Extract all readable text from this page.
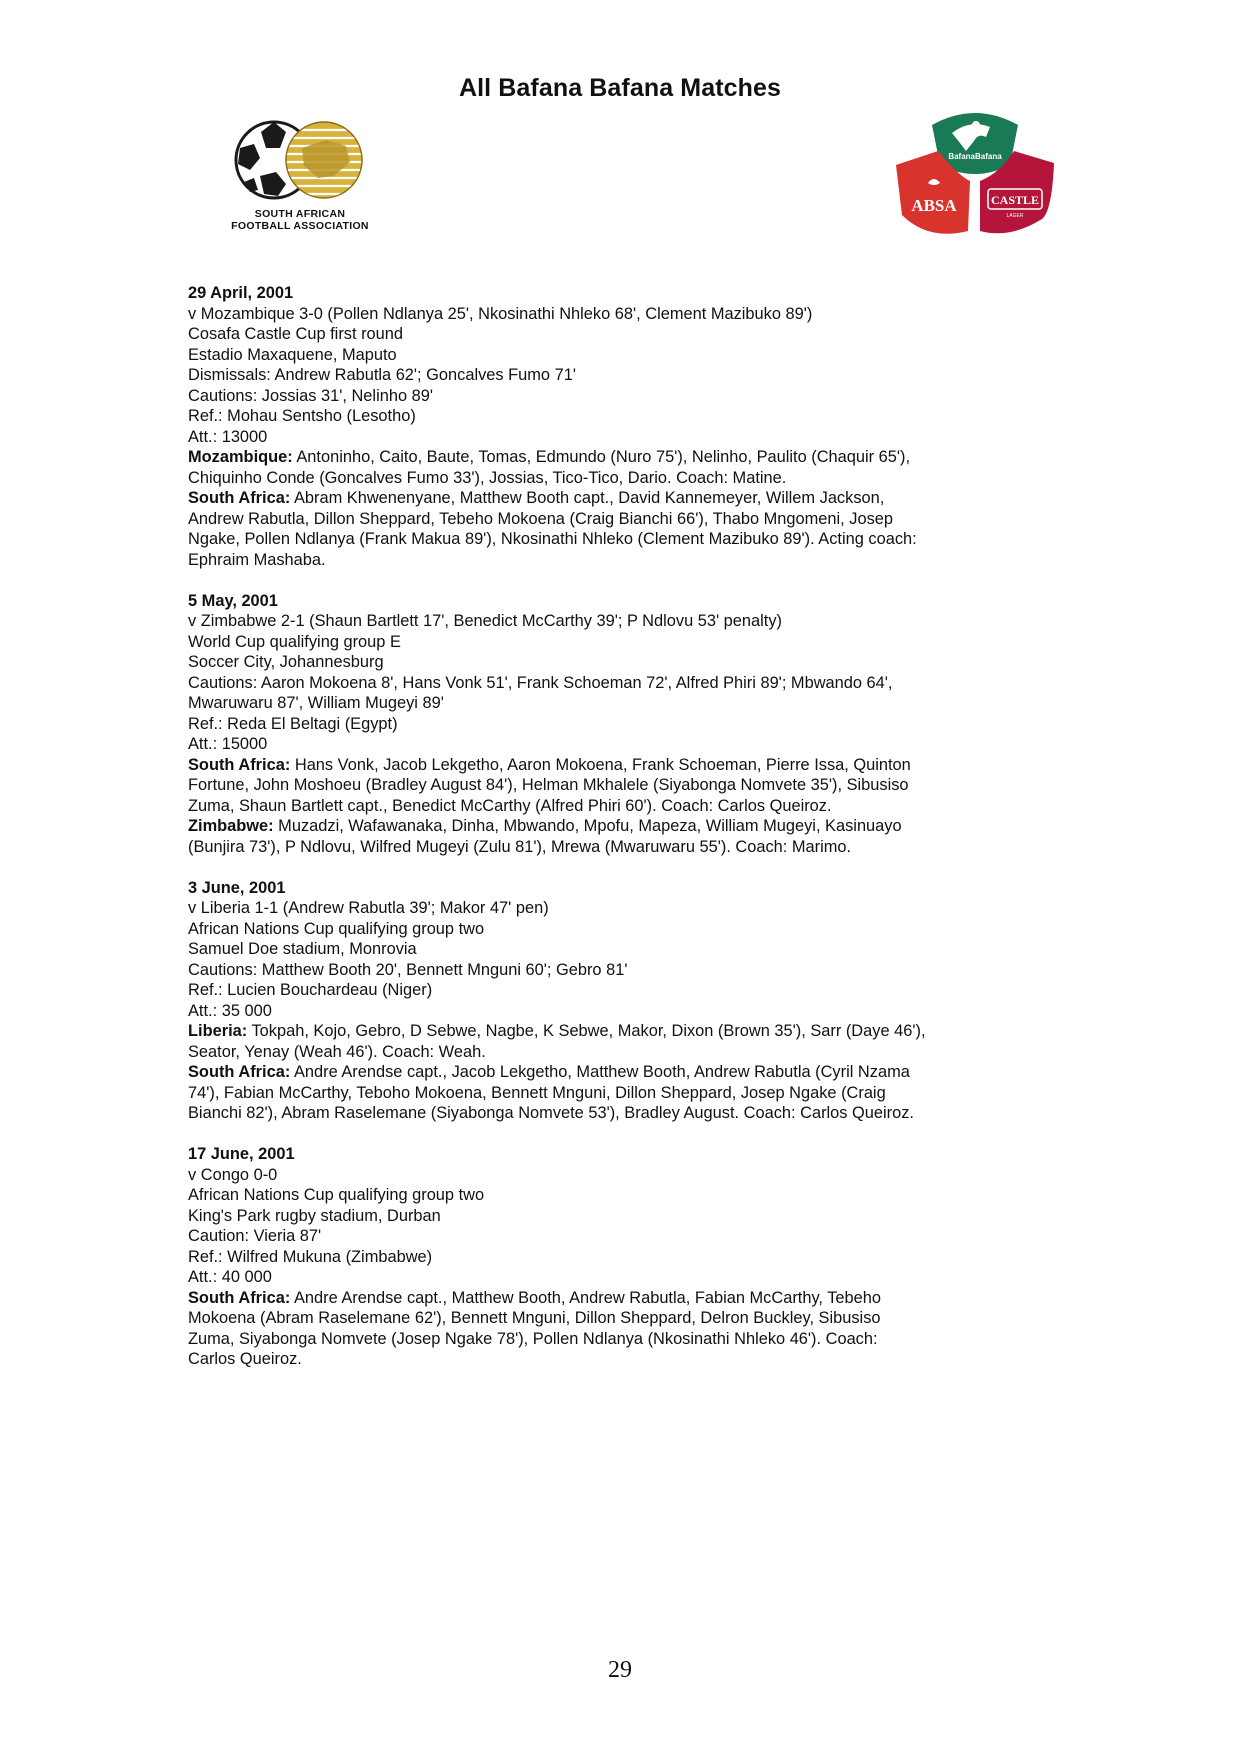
All Bafana Bafana Matches
SOUTH AFRICAN
FOOTBALL ASSOCIATION
BafanaBafana
ABSA	CASTLE
LAGER

29 April, 2001

v Mozambique 3-0 (Pollen Ndlanya 25', Nkosinathi Nhleko 68', Clement Mazibuko 89')

Cosafa Castle Cup first round

Estadio Maxaquene, Maputo

Dismissals: Andrew Rabutla 62'; Goncalves Fumo 71'

Cautions: Jossias 31', Nelinho 89'

Ref.: Mohau Sentsho (Lesotho)

Att.: 13000

Mozambique: Antoninho, Caito, Baute, Tomas, Edmundo (Nuro 75'), Nelinho, Paulito (Chaquir 65'), Chiquinho Conde (Goncalves Fumo 33'), Jossias, Tico-Tico, Dario. Coach: Matine.

South Africa: Abram Khwenenyane, Matthew Booth capt., David Kannemeyer, Willem Jackson, Andrew Rabutla, Dillon Sheppard, Tebeho Mokoena (Craig Bianchi 66'), Thabo Mngomeni, Josep Ngake, Pollen Ndlanya (Frank Makua 89'), Nkosinathi Nhleko (Clement Mazibuko 89'). Acting coach: Ephraim Mashaba.

5 May, 2001

v Zimbabwe 2-1 (Shaun Bartlett 17', Benedict McCarthy 39'; P Ndlovu 53' penalty)

World Cup qualifying group E

Soccer City, Johannesburg

Cautions: Aaron Mokoena 8', Hans Vonk 51', Frank Schoeman 72', Alfred Phiri 89'; Mbwando 64', Mwaruwaru 87', William Mugeyi 89'

Ref.: Reda El Beltagi (Egypt)

Att.: 15000

South Africa: Hans Vonk, Jacob Lekgetho, Aaron Mokoena, Frank Schoeman, Pierre Issa, Quinton Fortune, John Moshoeu (Bradley August 84'), Helman Mkhalele (Siyabonga Nomvete 35'), Sibusiso Zuma, Shaun Bartlett capt., Benedict McCarthy (Alfred Phiri 60'). Coach: Carlos Queiroz.

Zimbabwe: Muzadzi, Wafawanaka, Dinha, Mbwando, Mpofu, Mapeza, William Mugeyi, Kasinuayo (Bunjira 73'), P Ndlovu, Wilfred Mugeyi (Zulu 81'), Mrewa (Mwaruwaru 55'). Coach: Marimo.

3 June, 2001

v Liberia 1-1 (Andrew Rabutla 39'; Makor 47' pen)

African Nations Cup qualifying group two

Samuel Doe stadium, Monrovia

Cautions: Matthew Booth 20', Bennett Mnguni 60'; Gebro 81'

Ref.: Lucien Bouchardeau (Niger)

Att.: 35 000

Liberia: Tokpah, Kojo, Gebro, D Sebwe, Nagbe, K Sebwe, Makor, Dixon (Brown 35'), Sarr (Daye 46'), Seator, Yenay (Weah 46'). Coach: Weah.

South Africa: Andre Arendse capt., Jacob Lekgetho, Matthew Booth, Andrew Rabutla (Cyril Nzama 74'), Fabian McCarthy, Teboho Mokoena, Bennett Mnguni, Dillon Sheppard, Josep Ngake (Craig Bianchi 82'), Abram Raselemane (Siyabonga Nomvete 53'), Bradley August. Coach: Carlos Queiroz.

17 June, 2001

v Congo 0-0

African Nations Cup qualifying group two

King's Park rugby stadium, Durban

Caution: Vieria 87'

Ref.: Wilfred Mukuna (Zimbabwe)

Att.: 40 000

South Africa: Andre Arendse capt., Matthew Booth, Andrew Rabutla, Fabian McCarthy, Tebeho Mokoena (Abram Raselemane 62'), Bennett Mnguni, Dillon Sheppard, Delron Buckley, Sibusiso Zuma, Siyabonga Nomvete (Josep Ngake 78'), Pollen Ndlanya (Nkosinathi Nhleko 46'). Coach: Carlos Queiroz.

29
